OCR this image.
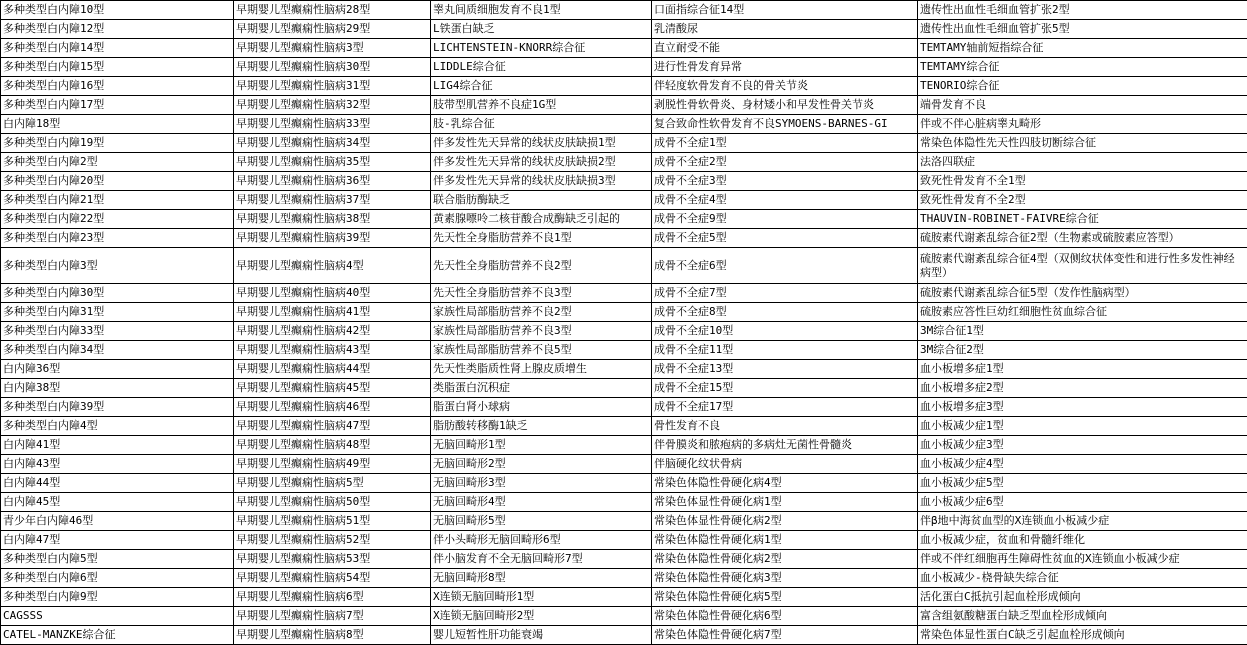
多种类型白内障10型	早期婴儿型癫痫性脑病28型	睾丸间质细胞发育不良1型	口面指综合征14型	遗传性出血性毛细血管扩张2型
多种类型白内障12型	早期婴儿型癫痫性脑病29型	L铁蛋白缺乏	乳清酸尿	遗传性出血性毛细血管扩张5型
多种类型白内障14型	早期婴儿型癫痫性脑病3型	LICHTENSTEIN-KNORR综合征	直立耐受不能	TEMTAMY轴前短指综合征
多种类型白内障15型	早期婴儿型癫痫性脑病30型	LIDDLE综合征	进行性骨发育异常	TEMTAMY综合征
多种类型白内障16型	早期婴儿型癫痫性脑病31型	LIG4综合征	伴轻度软骨发育不良的骨关节炎	TENORIO综合征
多种类型白内障17型	早期婴儿型癫痫性脑病32型	肢带型肌营养不良症1G型	剥脱性骨软骨炎、身材矮小和早发性骨关节炎	端骨发育不良
白内障18型	早期婴儿型癫痫性脑病33型	肢-乳综合征	复合致命性软骨发育不良SYMOENS-BARNES-GI	伴或不伴心脏病睾丸畸形
多种类型白内障19型	早期婴儿型癫痫性脑病34型	伴多发性先天异常的线状皮肤缺损1型	成骨不全症1型	常染色体隐性先天性四肢切断综合征
多种类型白内障2型	早期婴儿型癫痫性脑病35型	伴多发性先天异常的线状皮肤缺损2型	成骨不全症2型	法洛四联症
多种类型白内障20型	早期婴儿型癫痫性脑病36型	伴多发性先天异常的线状皮肤缺损3型	成骨不全症3型	致死性骨发育不全1型
多种类型白内障21型	早期婴儿型癫痫性脑病37型	联合脂肪酶缺乏	成骨不全症4型	致死性骨发育不全2型
多种类型白内障22型	早期婴儿型癫痫性脑病38型	黄素腺嘌呤二核苷酸合成酶缺乏引起的	成骨不全症9型	THAUVIN-ROBINET-FAIVRE综合征
多种类型白内障23型	早期婴儿型癫痫性脑病39型	先天性全身脂肪营养不良1型	成骨不全症5型	硫胺素代谢紊乱综合征2型（生物素或硫胺素应答型）
多种类型白内障3型	早期婴儿型癫痫性脑病4型	先天性全身脂肪营养不良2型	成骨不全症6型	硫胺素代谢紊乱综合征4型（双侧纹状体变性和进行性多发性神经病型）
多种类型白内障30型	早期婴儿型癫痫性脑病40型	先天性全身脂肪营养不良3型	成骨不全症7型	硫胺素代谢紊乱综合征5型（发作性脑病型）
多种类型白内障31型	早期婴儿型癫痫性脑病41型	家族性局部脂肪营养不良2型	成骨不全症8型	硫胺素应答性巨幼红细胞性贫血综合征
多种类型白内障33型	早期婴儿型癫痫性脑病42型	家族性局部脂肪营养不良3型	成骨不全症10型	3M综合征1型
多种类型白内障34型	早期婴儿型癫痫性脑病43型	家族性局部脂肪营养不良5型	成骨不全症11型	3M综合征2型
白内障36型	早期婴儿型癫痫性脑病44型	先天性类脂质性肾上腺皮质增生	成骨不全症13型	血小板增多症1型
白内障38型	早期婴儿型癫痫性脑病45型	类脂蛋白沉积症	成骨不全症15型	血小板增多症2型
多种类型白内障39型	早期婴儿型癫痫性脑病46型	脂蛋白肾小球病	成骨不全症17型	血小板增多症3型
多种类型白内障4型	早期婴儿型癫痫性脑病47型	脂肪酸转移酶1缺乏	骨性发育不良	血小板减少症1型
白内障41型	早期婴儿型癫痫性脑病48型	无脑回畸形1型	伴骨膜炎和脓疱病的多病灶无菌性骨髓炎	血小板减少症3型
白内障43型	早期婴儿型癫痫性脑病49型	无脑回畸形2型	伴脑硬化纹状骨病	血小板减少症4型
白内障44型	早期婴儿型癫痫性脑病5型	无脑回畸形3型	常染色体隐性骨硬化病4型	血小板减少症5型
白内障45型	早期婴儿型癫痫性脑病50型	无脑回畸形4型	常染色体显性骨硬化病1型	血小板减少症6型
青少年白内障46型	早期婴儿型癫痫性脑病51型	无脑回畸形5型	常染色体显性骨硬化病2型	伴β地中海贫血型的X连锁血小板减少症
白内障47型	早期婴儿型癫痫性脑病52型	伴小头畸形无脑回畸形6型	常染色体隐性骨硬化病1型	血小板减少症，贫血和骨髓纤维化
多种类型白内障5型	早期婴儿型癫痫性脑病53型	伴小脑发育不全无脑回畸形7型	常染色体隐性骨硬化病2型	伴或不伴红细胞再生障碍性贫血的X连锁血小板减少症
多种类型白内障6型	早期婴儿型癫痫性脑病54型	无脑回畸形8型	常染色体隐性骨硬化病3型	血小板减少-桡骨缺失综合征
多种类型白内障9型	早期婴儿型癫痫性脑病6型	X连锁无脑回畸形1型	常染色体隐性骨硬化病5型	活化蛋白C抵抗引起血栓形成倾向
CAGSSS	早期婴儿型癫痫性脑病7型	X连锁无脑回畸形2型	常染色体隐性骨硬化病6型	富含组氨酸糖蛋白缺乏型血栓形成倾向
CATEL-MANZKE综合征	早期婴儿型癫痫性脑病8型	婴儿短暂性肝功能衰竭	常染色体隐性骨硬化病7型	常染色体显性蛋白C缺乏引起血栓形成倾向
